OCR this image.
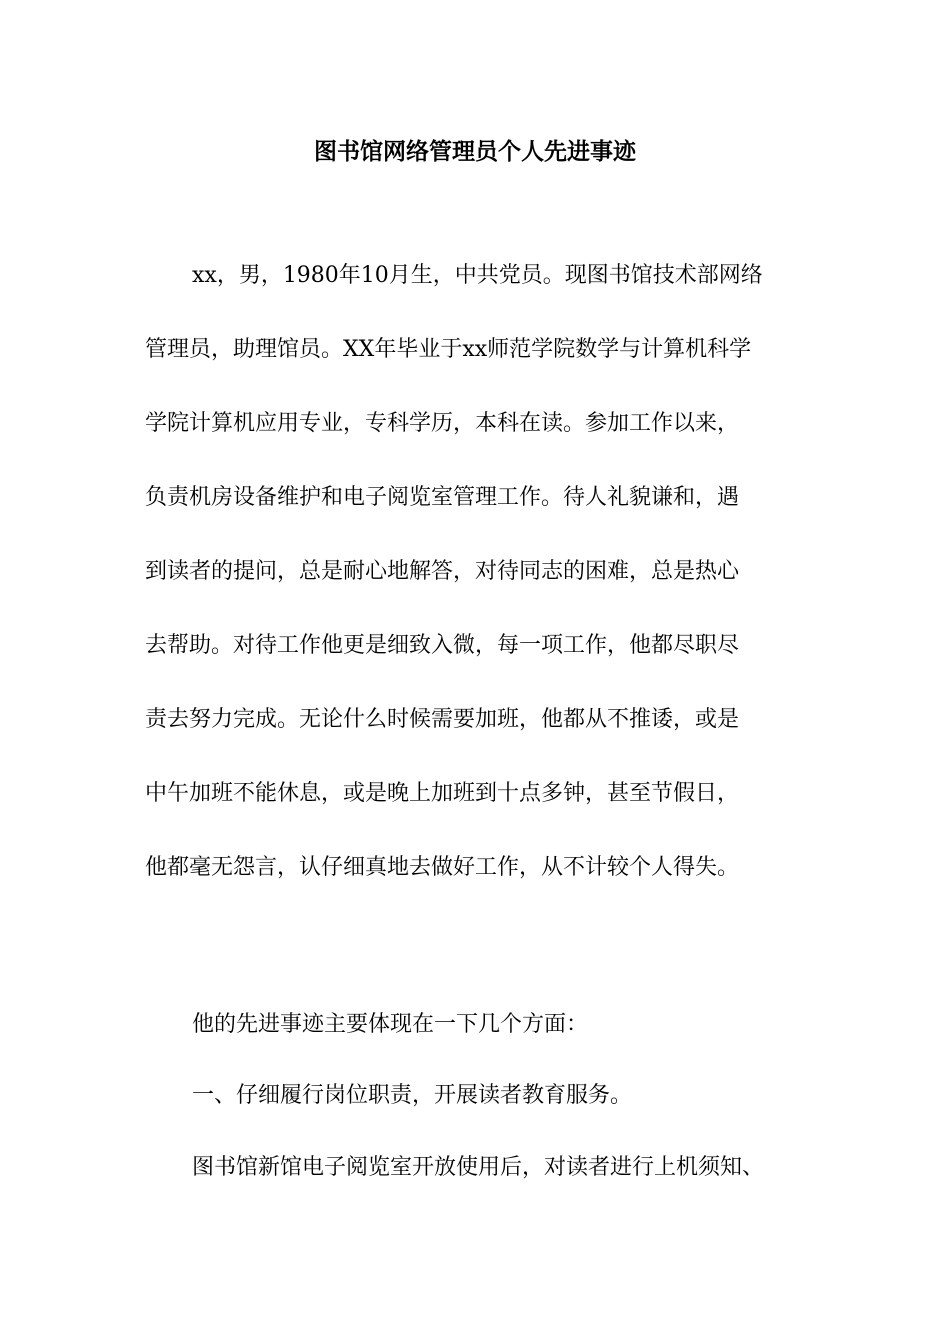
图书馆网络管理员个人先进事迹

xx，男，1980年10月生，中共党员。现图书馆技术部网络

管理员，助理馆员。XX年毕业于xx师范学院数学与计算机科学

学院计算机应用专业，专科学历，本科在读。参加工作以来，

负责机房设备维护和电子阅览室管理工作。待人礼貌谦和，遇

到读者的提问，总是耐心地解答，对待同志的困难，总是热心

去帮助。对待工作他更是细致入微，每一项工作，他都尽职尽

责去努力完成。无论什么时候需要加班，他都从不推诿，或是

中午加班不能休息，或是晚上加班到十点多钟，甚至节假日，

他都毫无怨言，认仔细真地去做好工作，从不计较个人得失。

他的先进事迹主要体现在一下几个方面：

一、仔细履行岗位职责，开展读者教育服务。

图书馆新馆电子阅览室开放使用后，对读者进行上机须知、
